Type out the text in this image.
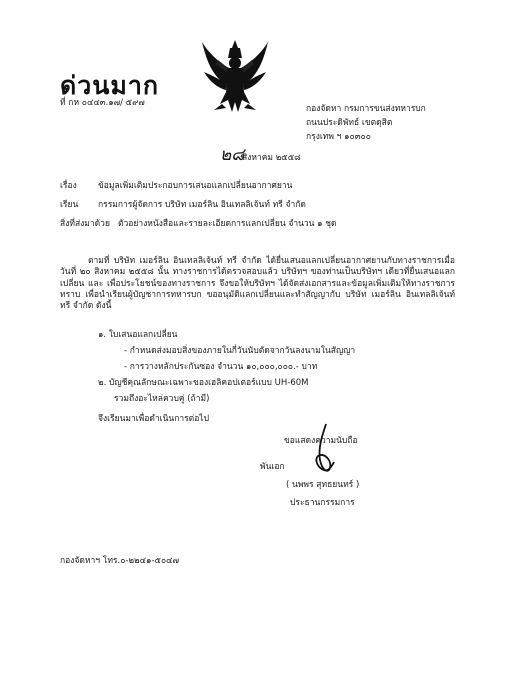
ด่วนมาก
ที่ กห ๐๔๔๓.๑๗/ ๕๙๗
กองจัดหา กรมการขนส่งทหารบก
ถนนประดิพัทธ์ เขตดุสิต
กรุงเทพ ฯ ๑๐๓๐๐
๒๘
สิงหาคม ๒๕๕๘
เรื่อง	ข้อมูลเพิ่มเติมประกอบการเสนอแลกเปลี่ยนอากาศยาน
เรียน กรรมการผู้จัดการ บริษัท เมอร์ลิน อินเทลลิเจ้นท์ ทรี จำกัด
สิ่งที่ส่งมาด้วย ตัวอย่างหนังสือและรายละเอียดการแลกเปลี่ยน จำนวน ๑ ชุด
ตามที่ บริษัท เมอร์ลิน อินเทลลิเจ้นท์ ทรี จำกัด ได้ยื่นเสนอแลกเปลี่ยนอากาศยานกับทางราชการเมื่อวันที่ ๒๐ สิงหาคม ๒๕๕๘ นั้น ทางราชการได้ตรวจสอบแล้ว บริษัทฯ ของท่านเป็นบริษัทฯ เดียวที่ยื่นเสนอแลกเปลี่ยน และ เพื่อประโยชน์ของทางราชการ จึงขอให้บริษัทฯ ได้จัดส่งเอกสารและข้อมูลเพิ่มเติมให้ทางราชการทราบ เพื่อนำเรียนผู้บัญชาการทหารบก ขออนุมัติแลกเปลี่ยนและทำสัญญากับ บริษัท เมอร์ลิน อินเทลลิเจ้นท์ ทรี จำกัด ดังนี้
๑. ใบเสนอแลกเปลี่ยน
- กำหนดส่งมอบสิ่งของภายในกี่วันนับตัดจากวันลงนามในสัญญา
- การวางหลักประกันซอง จำนวน ๑๐,๐๐๐,๐๐๐.- บาท
๒. บัญชีคุณลักษณะเฉพาะของเฮลิคอปเตอร์แบบ UH-60M
รวมถึงอะไหล่ควบคู่ (ถ้ามี)
จึงเรียนมาเพื่อดำเนินการต่อไป
ขอแสดงความนับถือ
พันเอก
( นพพร สุทธยนทร์ )
ประธานกรรมการ
กองจัดหาฯ โทร.๐-๒๒๔๑-๕๐๔๗
